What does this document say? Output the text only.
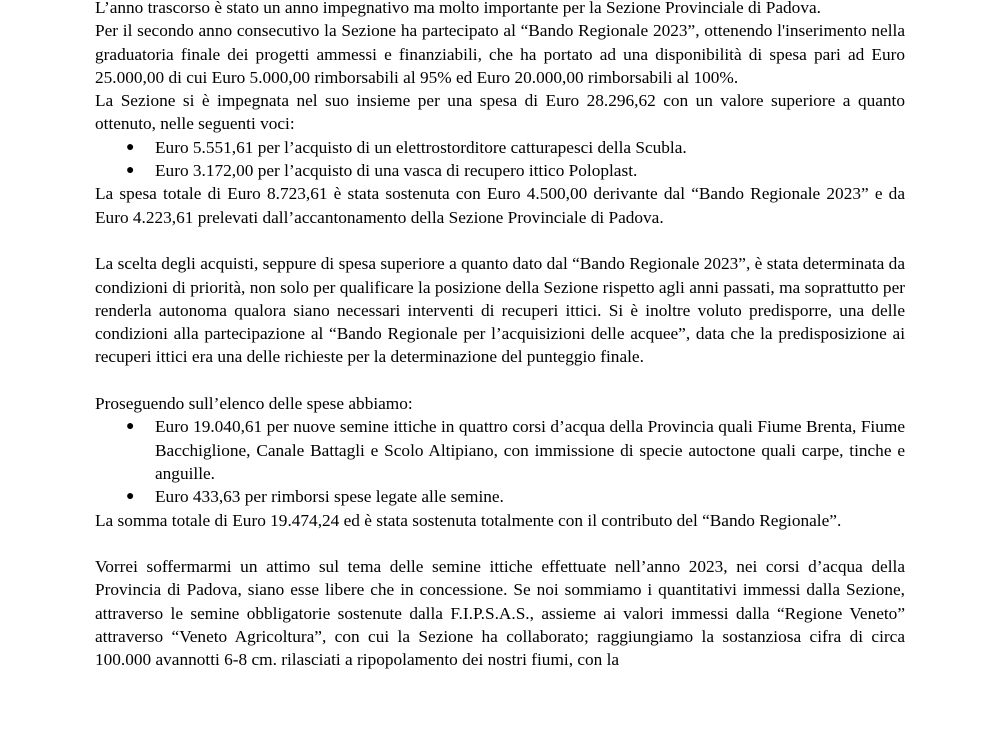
L’anno trascorso è stato un anno impegnativo ma molto importante per la Sezione Provinciale di Padova.

Per il secondo anno consecutivo la Sezione ha partecipato al “Bando Regionale 2023”, ottenendo l'inserimento nella graduatoria finale dei progetti ammessi e finanziabili, che ha portato ad una disponibilità di spesa pari ad Euro 25.000,00 di cui Euro 5.000,00 rimborsabili al 95% ed Euro 20.000,00 rimborsabili al 100%.

La Sezione si è impegnata nel suo insieme per una spesa di Euro 28.296,62 con un valore superiore a quanto ottenuto, nelle seguenti voci:

● Euro 5.551,61 per l’acquisto di un elettrostorditore catturapesci della Scubla.
● Euro 3.172,00 per l’acquisto di una vasca di recupero ittico Poloplast.

La spesa totale di Euro 8.723,61 è stata sostenuta con Euro 4.500,00 derivante dal “Bando Regionale 2023” e da Euro 4.223,61 prelevati dall’accantonamento della Sezione Provinciale di Padova.

La scelta degli acquisti, seppure di spesa superiore a quanto dato dal “Bando Regionale 2023”, è stata determinata da condizioni di priorità, non solo per qualificare la posizione della Sezione rispetto agli anni passati, ma soprattutto per renderla autonoma qualora siano necessari interventi di recuperi ittici. Si è inoltre voluto predisporre, una delle condizioni alla partecipazione al “Bando Regionale per l’acquisizioni delle acquee”, data che la predisposizione ai recuperi ittici era una delle richieste per la determinazione del punteggio finale.

Proseguendo sull’elenco delle spese abbiamo:

● Euro 19.040,61 per nuove semine ittiche in quattro corsi d’acqua della Provincia quali Fiume Brenta, Fiume Bacchiglione, Canale Battagli e Scolo Altipiano, con immissione di specie autoctone quali carpe, tinche e anguille.
● Euro 433,63 per rimborsi spese legate alle semine.

La somma totale di Euro 19.474,24 ed è stata sostenuta totalmente con il contributo del “Bando Regionale”.

Vorrei soffermarmi un attimo sul tema delle semine ittiche effettuate nell’anno 2023, nei corsi d’acqua della Provincia di Padova, siano esse libere che in concessione. Se noi sommiamo i quantitativi immessi dalla Sezione, attraverso le semine obbligatorie sostenute dalla F.I.P.S.A.S., assieme ai valori immessi dalla “Regione Veneto” attraverso “Veneto Agricoltura”, con cui la Sezione ha collaborato; raggiungiamo la sostanziosa cifra di circa 100.000 avannotti 6-8 cm. rilasciati a ripopolamento dei nostri fiumi, con la
